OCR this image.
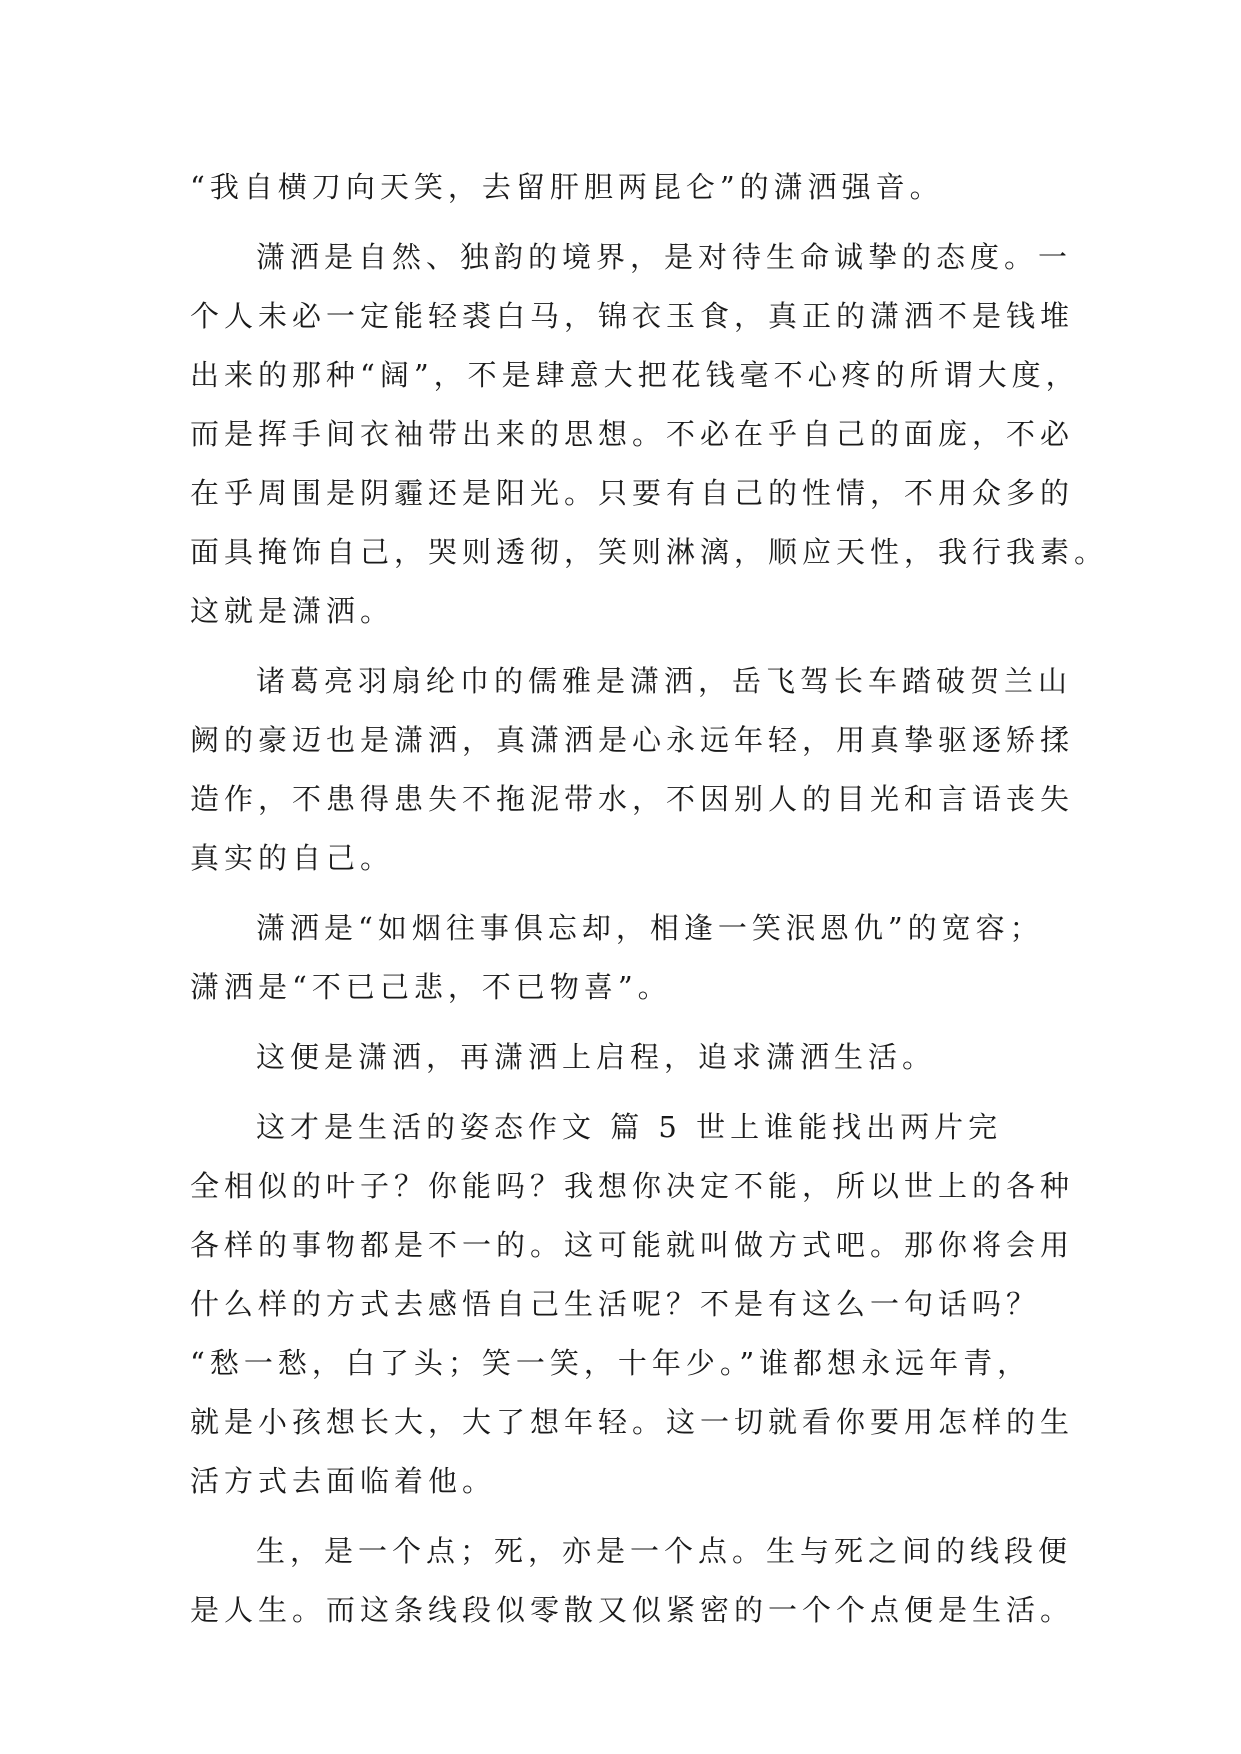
“我自横刀向天笑，去留肝胆两昆仑”的潇洒强音。
潇洒是自然、独韵的境界，是对待生命诚挚的态度。一
个人未必一定能轻裘白马，锦衣玉食，真正的潇洒不是钱堆
出来的那种“阔”，不是肆意大把花钱毫不心疼的所谓大度，
而是挥手间衣袖带出来的思想。不必在乎自己的面庞，不必
在乎周围是阴霾还是阳光。只要有自己的性情，不用众多的
面具掩饰自己，哭则透彻，笑则淋漓，顺应天性，我行我素。
这就是潇洒。
诸葛亮羽扇纶巾的儒雅是潇洒，岳飞驾长车踏破贺兰山
阙的豪迈也是潇洒，真潇洒是心永远年轻，用真挚驱逐矫揉
造作，不患得患失不拖泥带水，不因别人的目光和言语丧失
真实的自己。
潇洒是“如烟往事俱忘却，相逢一笑泯恩仇”的宽容；
潇洒是“不已己悲，不已物喜”。
这便是潇洒，再潇洒上启程，追求潇洒生活。
这才是生活的姿态作文 篇 5 世上谁能找出两片完
全相似的叶子？你能吗？我想你决定不能，所以世上的各种
各样的事物都是不一的。这可能就叫做方式吧。那你将会用
什么样的方式去感悟自己生活呢？不是有这么一句话吗？
“愁一愁，白了头；笑一笑，十年少。”谁都想永远年青，
就是小孩想长大，大了想年轻。这一切就看你要用怎样的生
活方式去面临着他。
生，是一个点；死，亦是一个点。生与死之间的线段便
是人生。而这条线段似零散又似紧密的一个个点便是生活。
